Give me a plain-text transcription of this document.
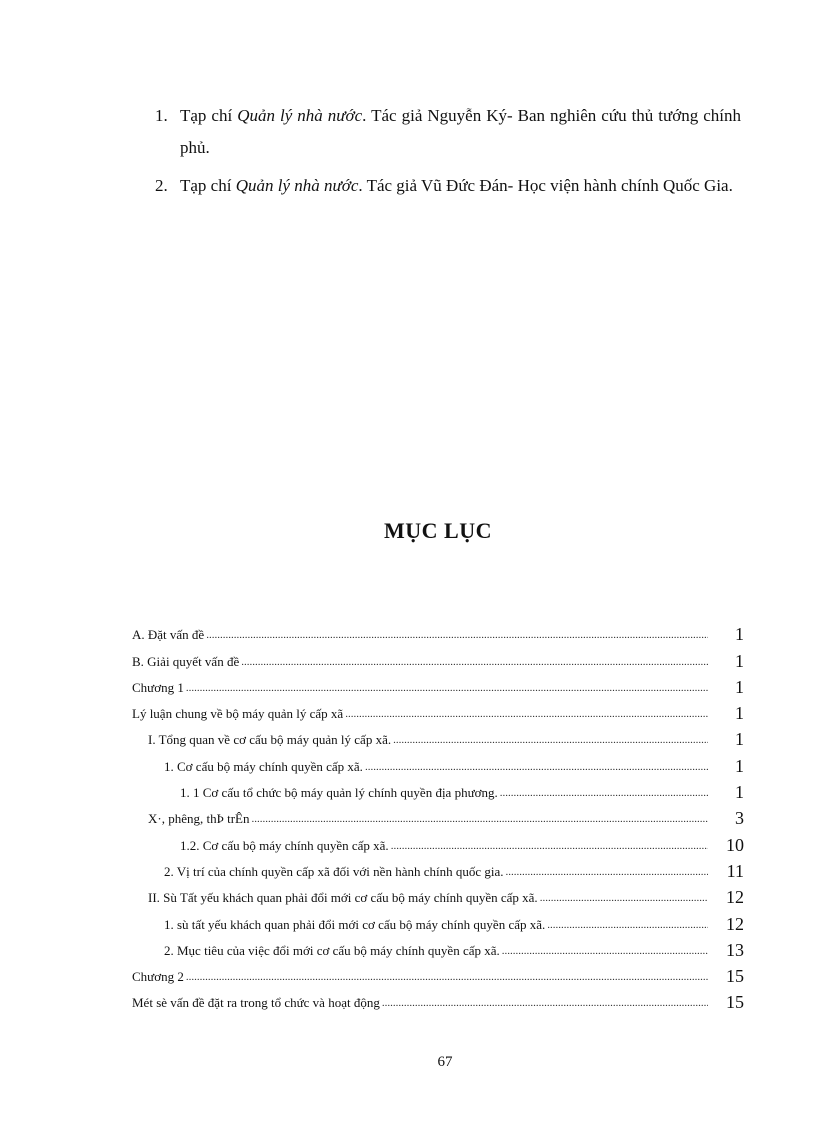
1. Tạp chí Quản lý nhà nước. Tác giả Nguyễn Ký- Ban nghiên cứu thủ tướng chính phủ.
2. Tạp chí Quản lý nhà nước. Tác giả Vũ Đức Đán- Học viện hành chính Quốc Gia.
MỤC LỤC
A. Đặt vấn đề .....	1
B. Giải quyết vấn đề .....	1
Chương 1 .....	1
Lý luận chung về bộ máy quản lý cấp xã .....	1
I. Tổng quan về cơ cấu bộ máy quản lý cấp xã. .....	1
1. Cơ cấu bộ máy chính quyền cấp xã. .....	1
1. 1 Cơ cấu tổ chức bộ máy quản lý chính quyền địa phương. .....	1
X·, phêng, thÞ trÊn .....	3
1.2. Cơ cấu bộ máy chính quyền cấp xã. .....	10
2. Vị trí của chính quyền cấp xã đối với nền hành chính quốc gia. .....	11
II. Sù Tất yếu khách quan phải đổi mới cơ cấu bộ máy chính quyền cấp xã. .....	12
1. sù tất yếu khách quan phải đổi mới cơ cấu bộ máy chính quyền cấp xã. .....	12
2. Mục tiêu của việc đổi mới cơ cấu bộ máy chính quyền cấp xã. .....	13
Chương 2 .....	15
Mét sè vấn đề đặt ra trong tổ chức và hoạt động .....	15
67
